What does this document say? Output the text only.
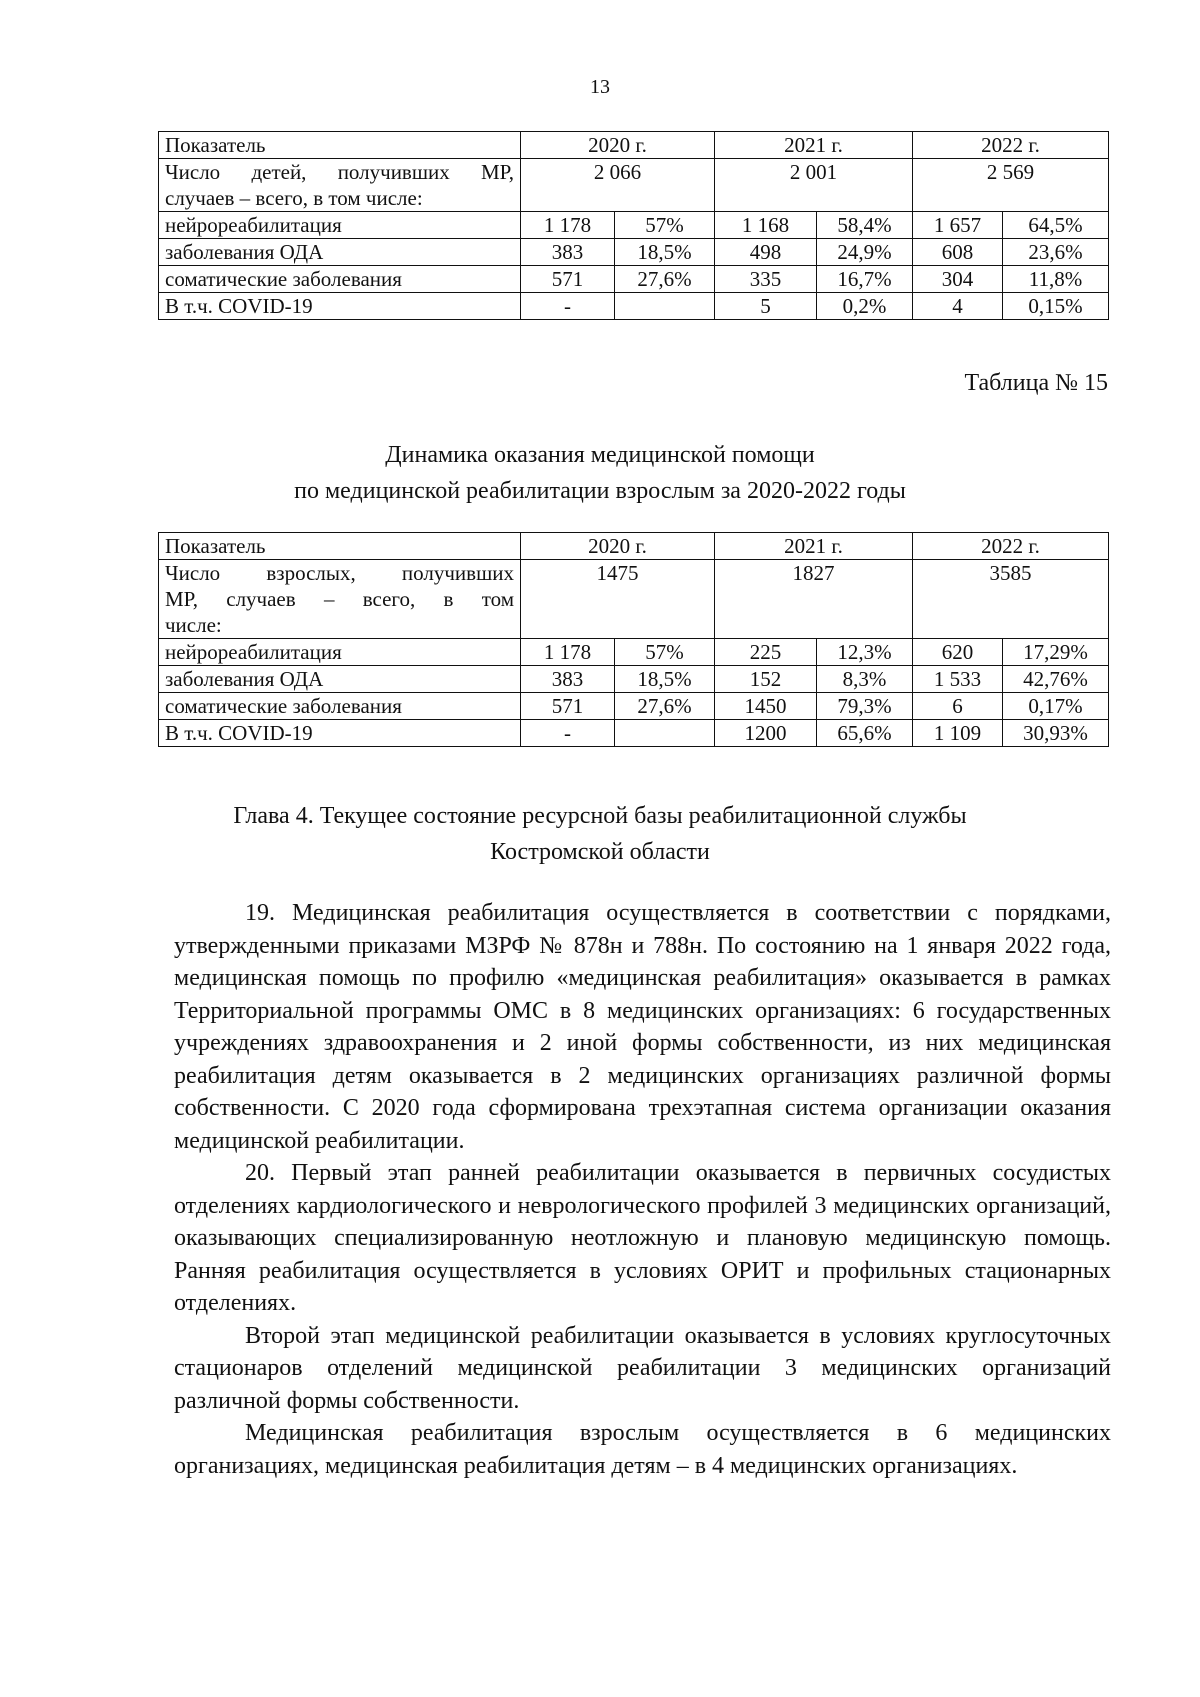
13
Показатель	2020 г.		2021 г.		2022 г.	

Число детей, получивших МР,
случаев – всего, в том числе:	2 066		2 001		2 569	
нейрореабилитация	1 178	57%	1 168	58,4%	1 657	64,5%
заболевания ОДА	383	18,5%	498	24,9%	608	23,6%
соматические заболевания	571	27,6%	335	16,7%	304	11,8%
В т.ч. COVID-19	-		5	0,2%	4	0,15%
Таблица № 15
Динамика оказания медицинской помощи
по медицинской реабилитации взрослым за 2020-2022 годы
Показатель	2020 г.		2021 г.		2022 г.	

Число взрослых, получивших
МР, случаев – всего, в том
числе:	1475		1827		3585	
нейрореабилитация	1 178	57%	225	12,3%	620	17,29%
заболевания ОДА	383	18,5%	152	8,3%	1 533	42,76%
соматические заболевания	571	27,6%	1450	79,3%	6	0,17%
В т.ч. COVID-19	-		1200	65,6%	1 109	30,93%
Глава 4. Текущее состояние ресурсной базы реабилитационной службы
Костромской области

19. Медицинская реабилитация осуществляется в соответствии с порядками, утвержденными приказами МЗРФ № 878н и 788н. По состоянию на 1 января 2022 года, медицинская помощь по профилю «медицинская реабилитация» оказывается в рамках Территориальной программы ОМС в 8 медицинских организациях: 6 государственных учреждениях здравоохранения и 2 иной формы собственности, из них медицинская реабилитация детям оказывается в 2 медицинских организациях различной формы собственности. С 2020 года сформирована трехэтапная система организации оказания медицинской реабилитации.

20. Первый этап ранней реабилитации оказывается в первичных сосудистых отделениях кардиологического и неврологического профилей 3 медицинских организаций, оказывающих специализированную неотложную и плановую медицинскую помощь. Ранняя реабилитация осуществляется в условиях ОРИТ и профильных стационарных отделениях.

Второй этап медицинской реабилитации оказывается в условиях круглосуточных стационаров отделений медицинской реабилитации 3 медицинских организаций различной формы собственности.

Медицинская реабилитация взрослым осуществляется в 6 медицинских организациях, медицинская реабилитация детям – в 4 медицинских организациях.
